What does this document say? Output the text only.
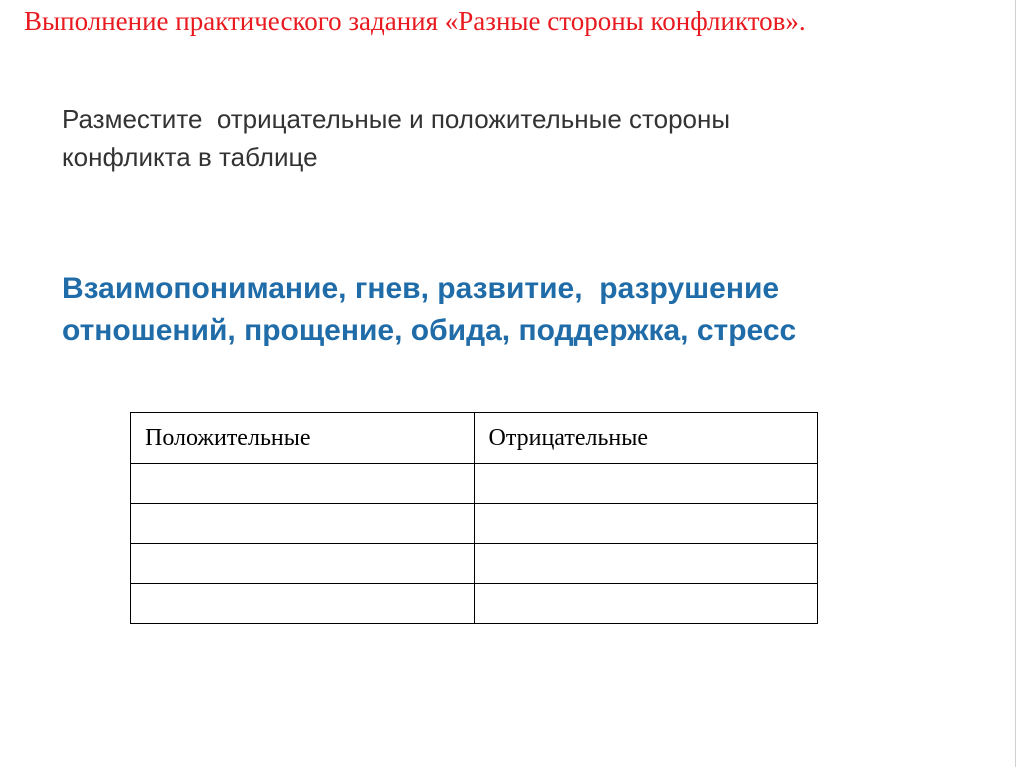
Выполнение практического задания «Разные стороны конфликтов».
Разместите  отрицательные и положительные стороны
конфликта в таблице
Взаимопонимание, гнев, развитие,  разрушение
отношений, прощение, обида, поддержка, стресс
Положительные	Отрицательные
